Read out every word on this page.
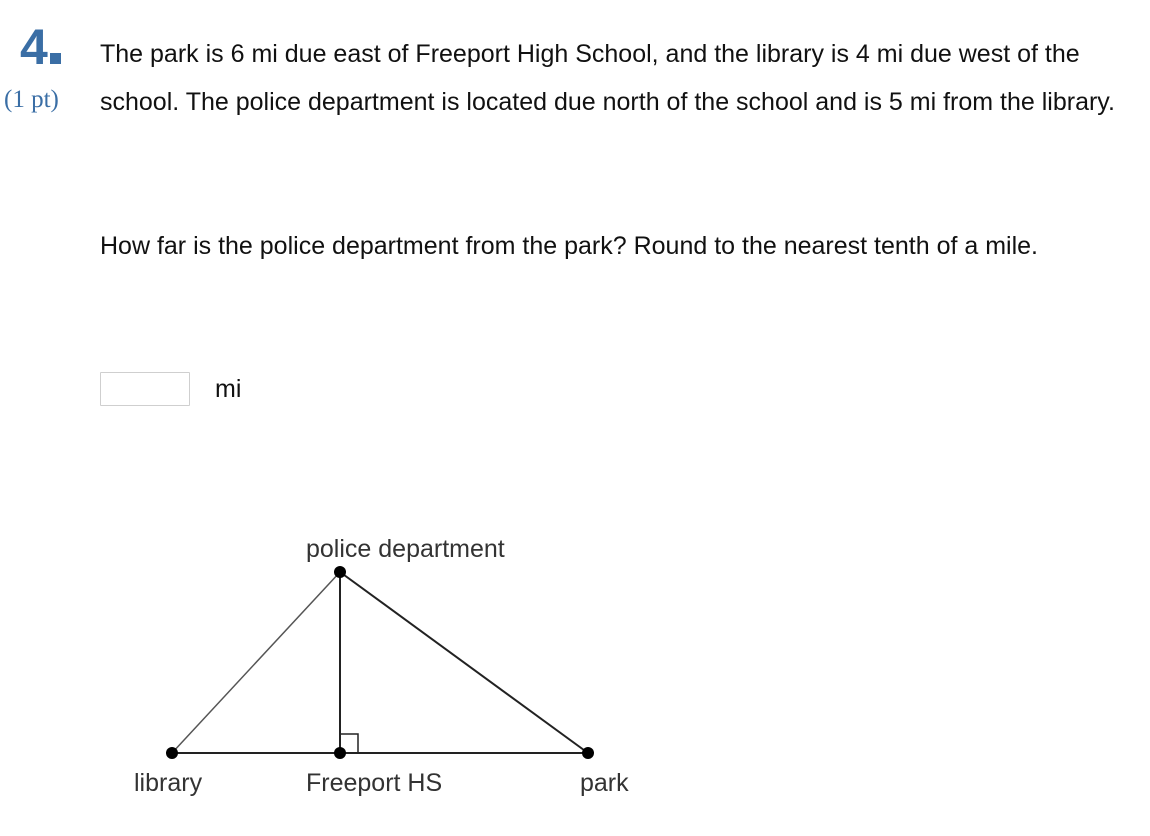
4
(1 pt)

The park is 6 mi due east of Freeport High School, and the library is 4 mi due west of the school. The police department is located due north of the school and is 5 mi from the library.

How far is the police department from the park? Round to the nearest tenth of a mile.

mi
police department
library	Freeport HS	park
